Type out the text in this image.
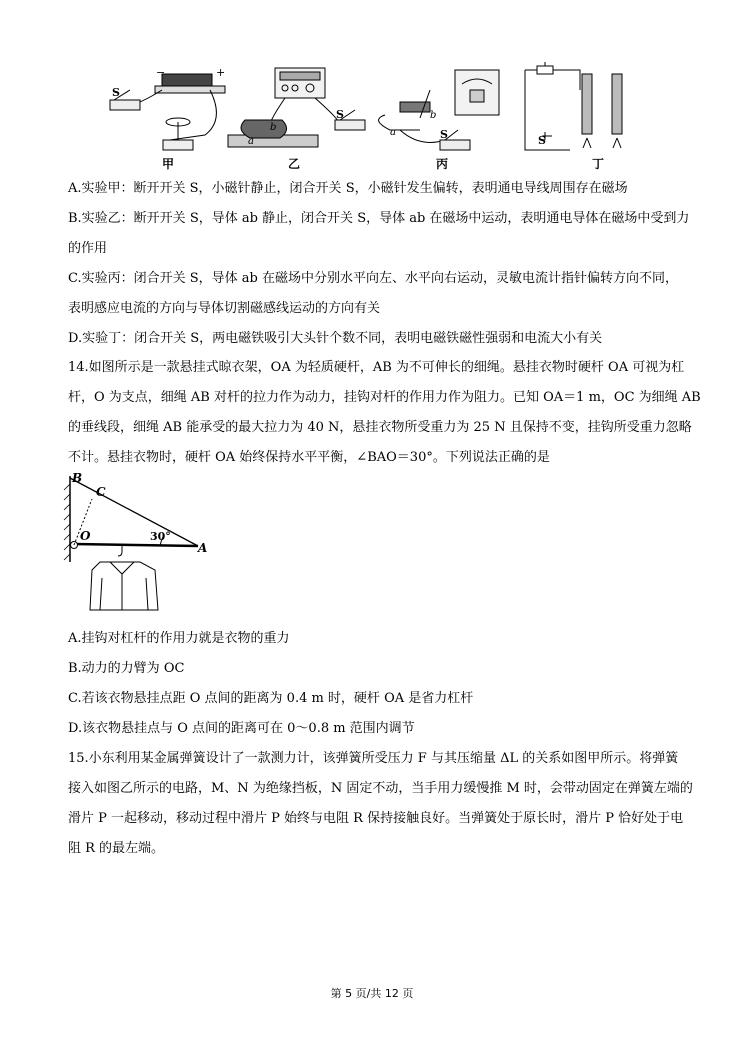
S
−	+
甲
S
a
b
乙
S
a
b
丙
S
丁
A.实验甲：断开开关 S，小磁针静止，闭合开关 S，小磁针发生偏转，表明通电导线周围存在磁场
B.实验乙：断开开关 S，导体 ab 静止，闭合开关 S，导体 ab 在磁场中运动，表明通电导体在磁场中受到力
的作用
C.实验丙：闭合开关 S，导体 ab 在磁场中分别水平向左、水平向右运动，灵敏电流计指针偏转方向不同，
表明感应电流的方向与导体切割磁感线运动的方向有关
D.实验丁：闭合开关 S，两电磁铁吸引大头针个数不同，表明电磁铁磁性强弱和电流大小有关
14.如图所示是一款悬挂式晾衣架，OA 为轻质硬杆，AB 为不可伸长的细绳。悬挂衣物时硬杆 OA 可视为杠
杆，O 为支点，细绳 AB 对杆的拉力作为动力，挂钩对杆的作用力作为阻力。已知 OA＝1 m，OC 为细绳 AB
的垂线段，细绳 AB 能承受的最大拉力为 40 N，悬挂衣物所受重力为 25 N 且保持不变，挂钩所受重力忽略
不计。悬挂衣物时，硬杆 OA 始终保持水平平衡，∠BAO＝30°。下列说法正确的是
B
C
O	30°
A
A.挂钩对杠杆的作用力就是衣物的重力
B.动力的力臂为 OC
C.若该衣物悬挂点距 O 点间的距离为 0.4 m 时，硬杆 OA 是省力杠杆
D.该衣物悬挂点与 O 点间的距离可在 0～0.8 m 范围内调节
15.小东利用某金属弹簧设计了一款测力计，该弹簧所受压力 F 与其压缩量 ΔL 的关系如图甲所示。将弹簧
接入如图乙所示的电路，M、N 为绝缘挡板，N 固定不动，当手用力缓慢推 M 时，会带动固定在弹簧左端的
滑片 P 一起移动，移动过程中滑片 P 始终与电阻 R 保持接触良好。当弹簧处于原长时，滑片 P 恰好处于电
阻 R 的最左端。
第 5 页/共 12 页
